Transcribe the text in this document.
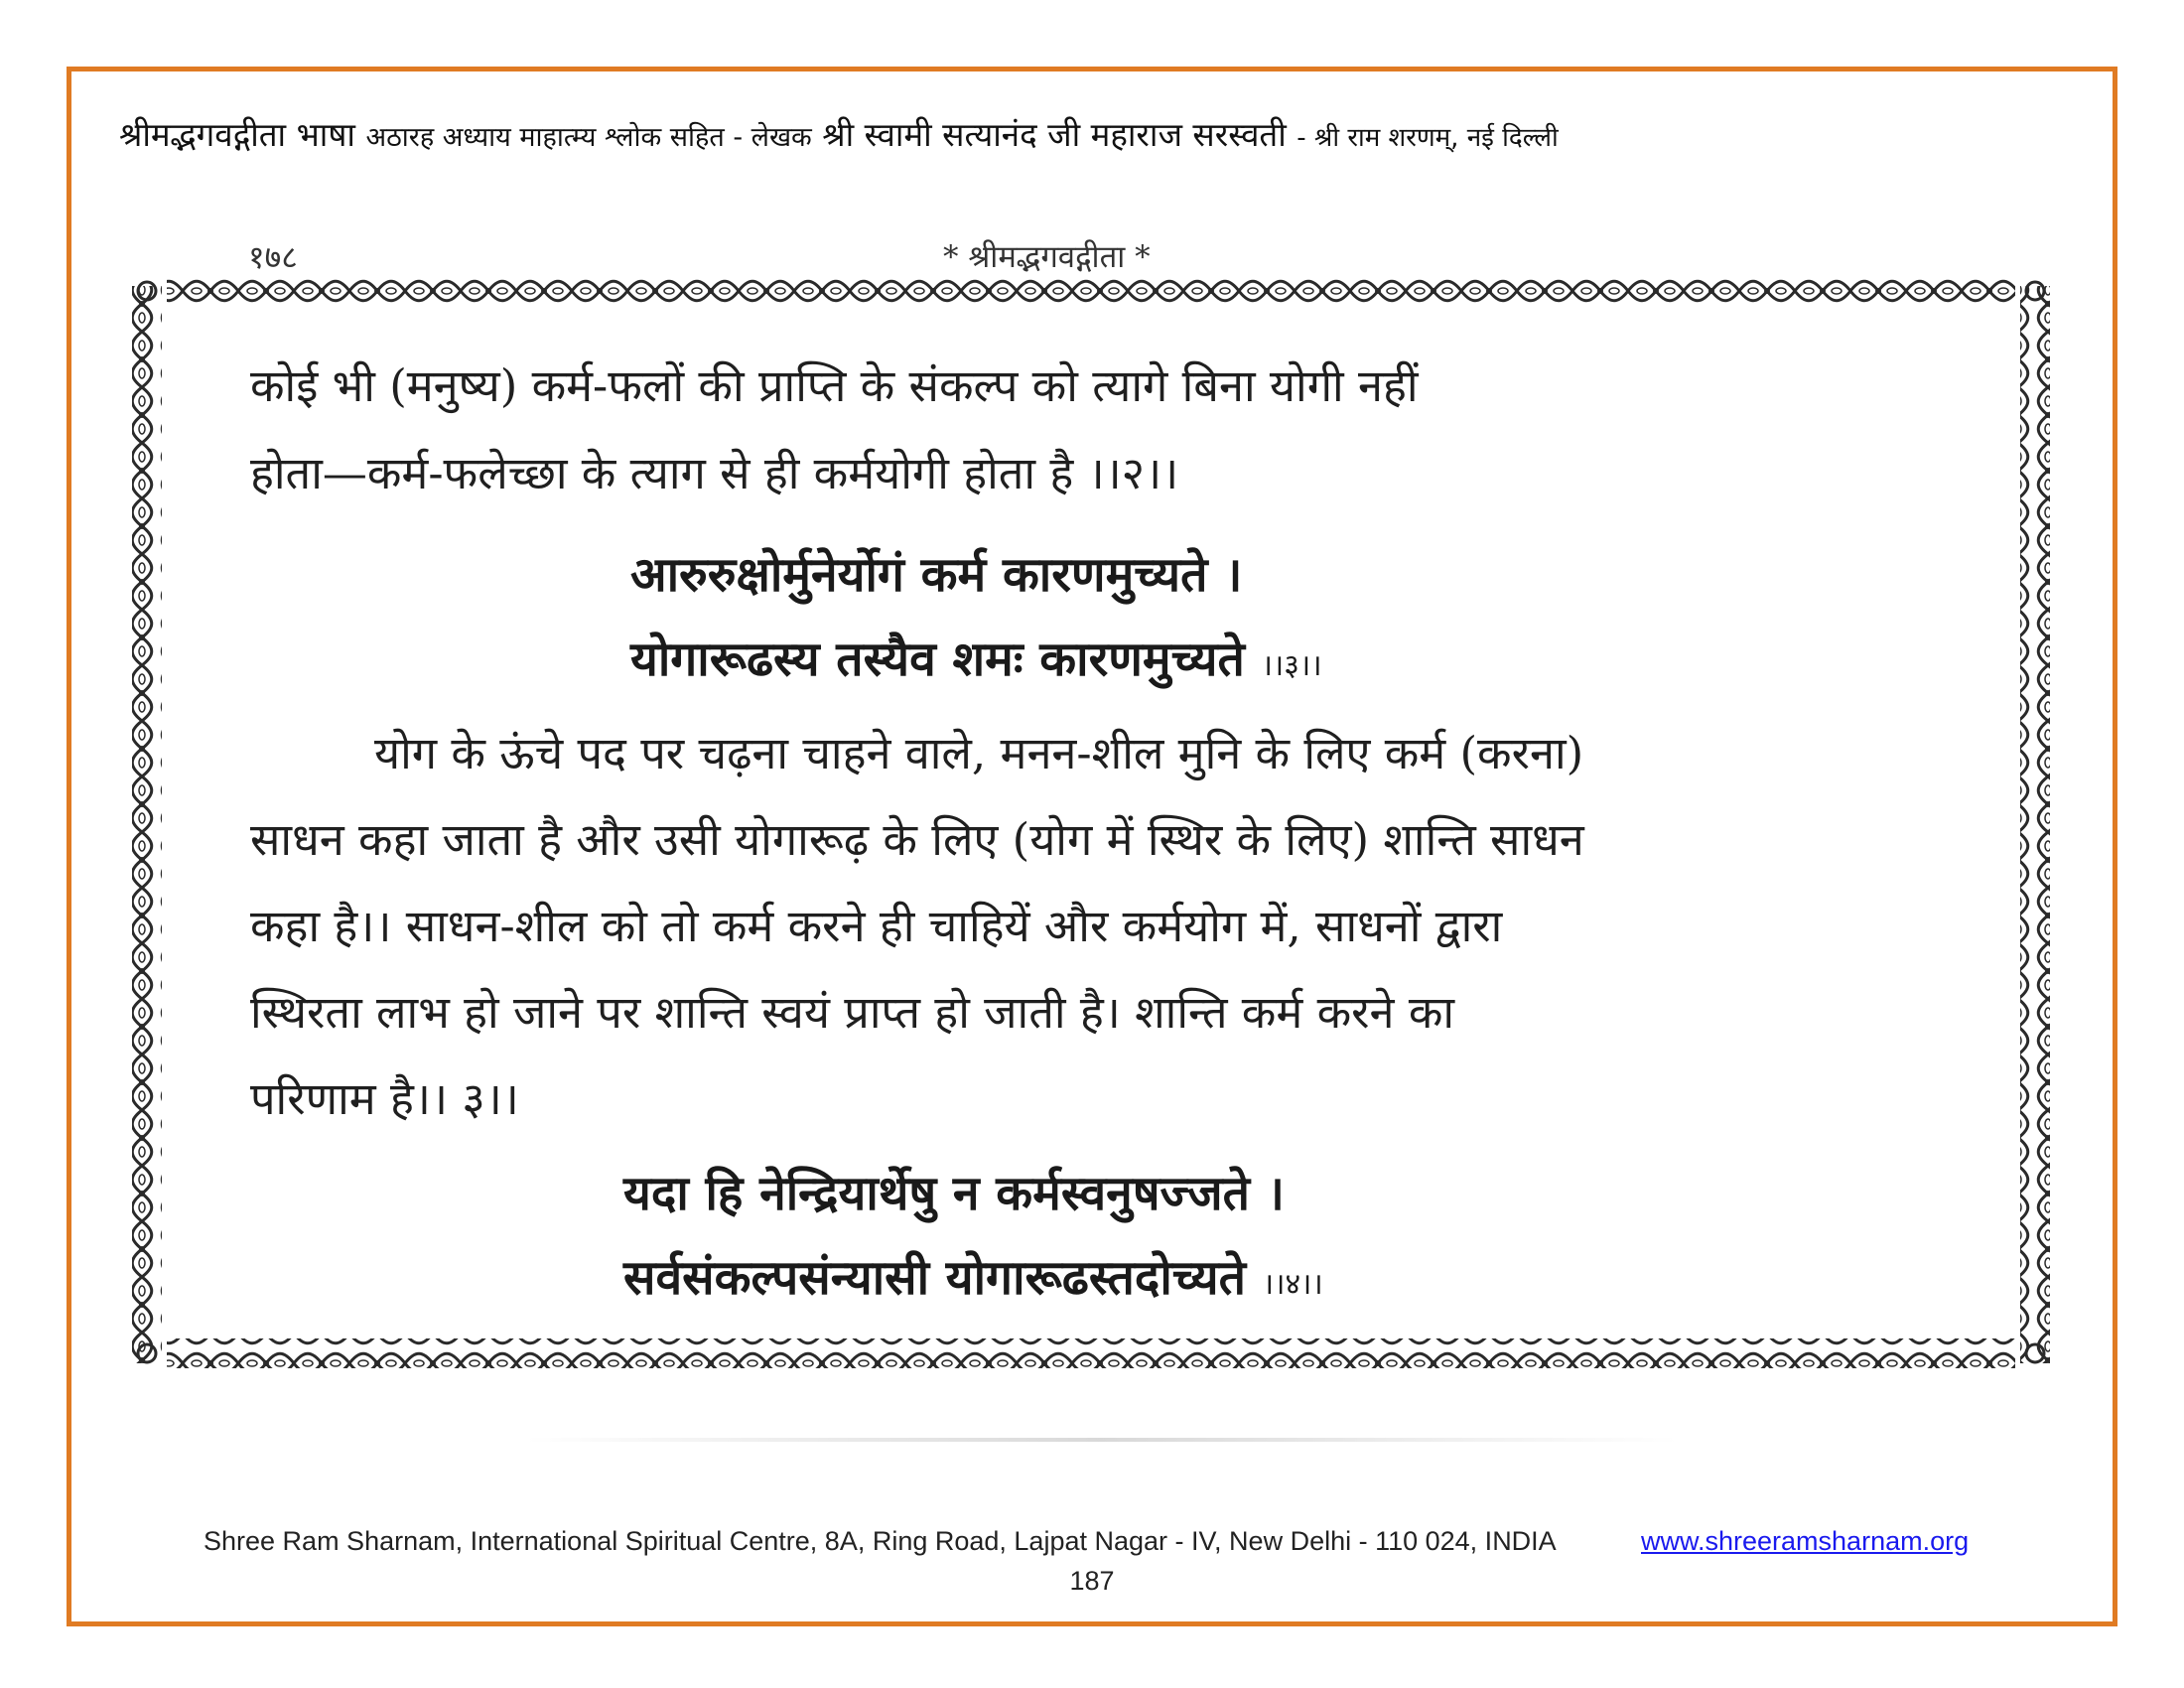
श्रीमद्भगवद्गीता भाषा अठारह अध्याय माहात्म्य श्लोक सहित - लेखक श्री स्वामी सत्यानंद जी महाराज सरस्वती - श्री राम शरणम्, नई दिल्ली
१७८	* श्रीमद्भगवद्गीता *
कोई भी (मनुष्य) कर्म-फलों की प्राप्ति के संकल्प को त्यागे बिना योगी नहीं
होता—कर्म-फलेच्छा के त्याग से ही कर्मयोगी होता है ।।२।।
आरुरुक्षोर्मुनेर्योगं कर्म कारणमुच्यते ।
योगारूढस्य तस्यैव शमः कारणमुच्यते ।।३।।
योग के ऊंचे पद पर चढ़ना चाहने वाले, मनन-शील मुनि के लिए कर्म (करना)
साधन कहा जाता है और उसी योगारूढ़ के लिए (योग में स्थिर के लिए) शान्ति साधन
कहा है।। साधन-शील को तो कर्म करने ही चाहियें और कर्मयोग में, साधनों द्वारा
स्थिरता लाभ हो जाने पर शान्ति स्वयं प्राप्त हो जाती है। शान्ति कर्म करने का
परिणाम है।। ३।।
यदा हि नेन्द्रियार्थेषु न कर्मस्वनुषज्जते ।
सर्वसंकल्पसंन्यासी योगारूढस्तदोच्यते ।।४।।
Shree Ram Sharnam, International Spiritual Centre, 8A, Ring Road, Lajpat Nagar - IV, New Delhi - 110 024, INDIA	www.shreeramsharnam.org
187
